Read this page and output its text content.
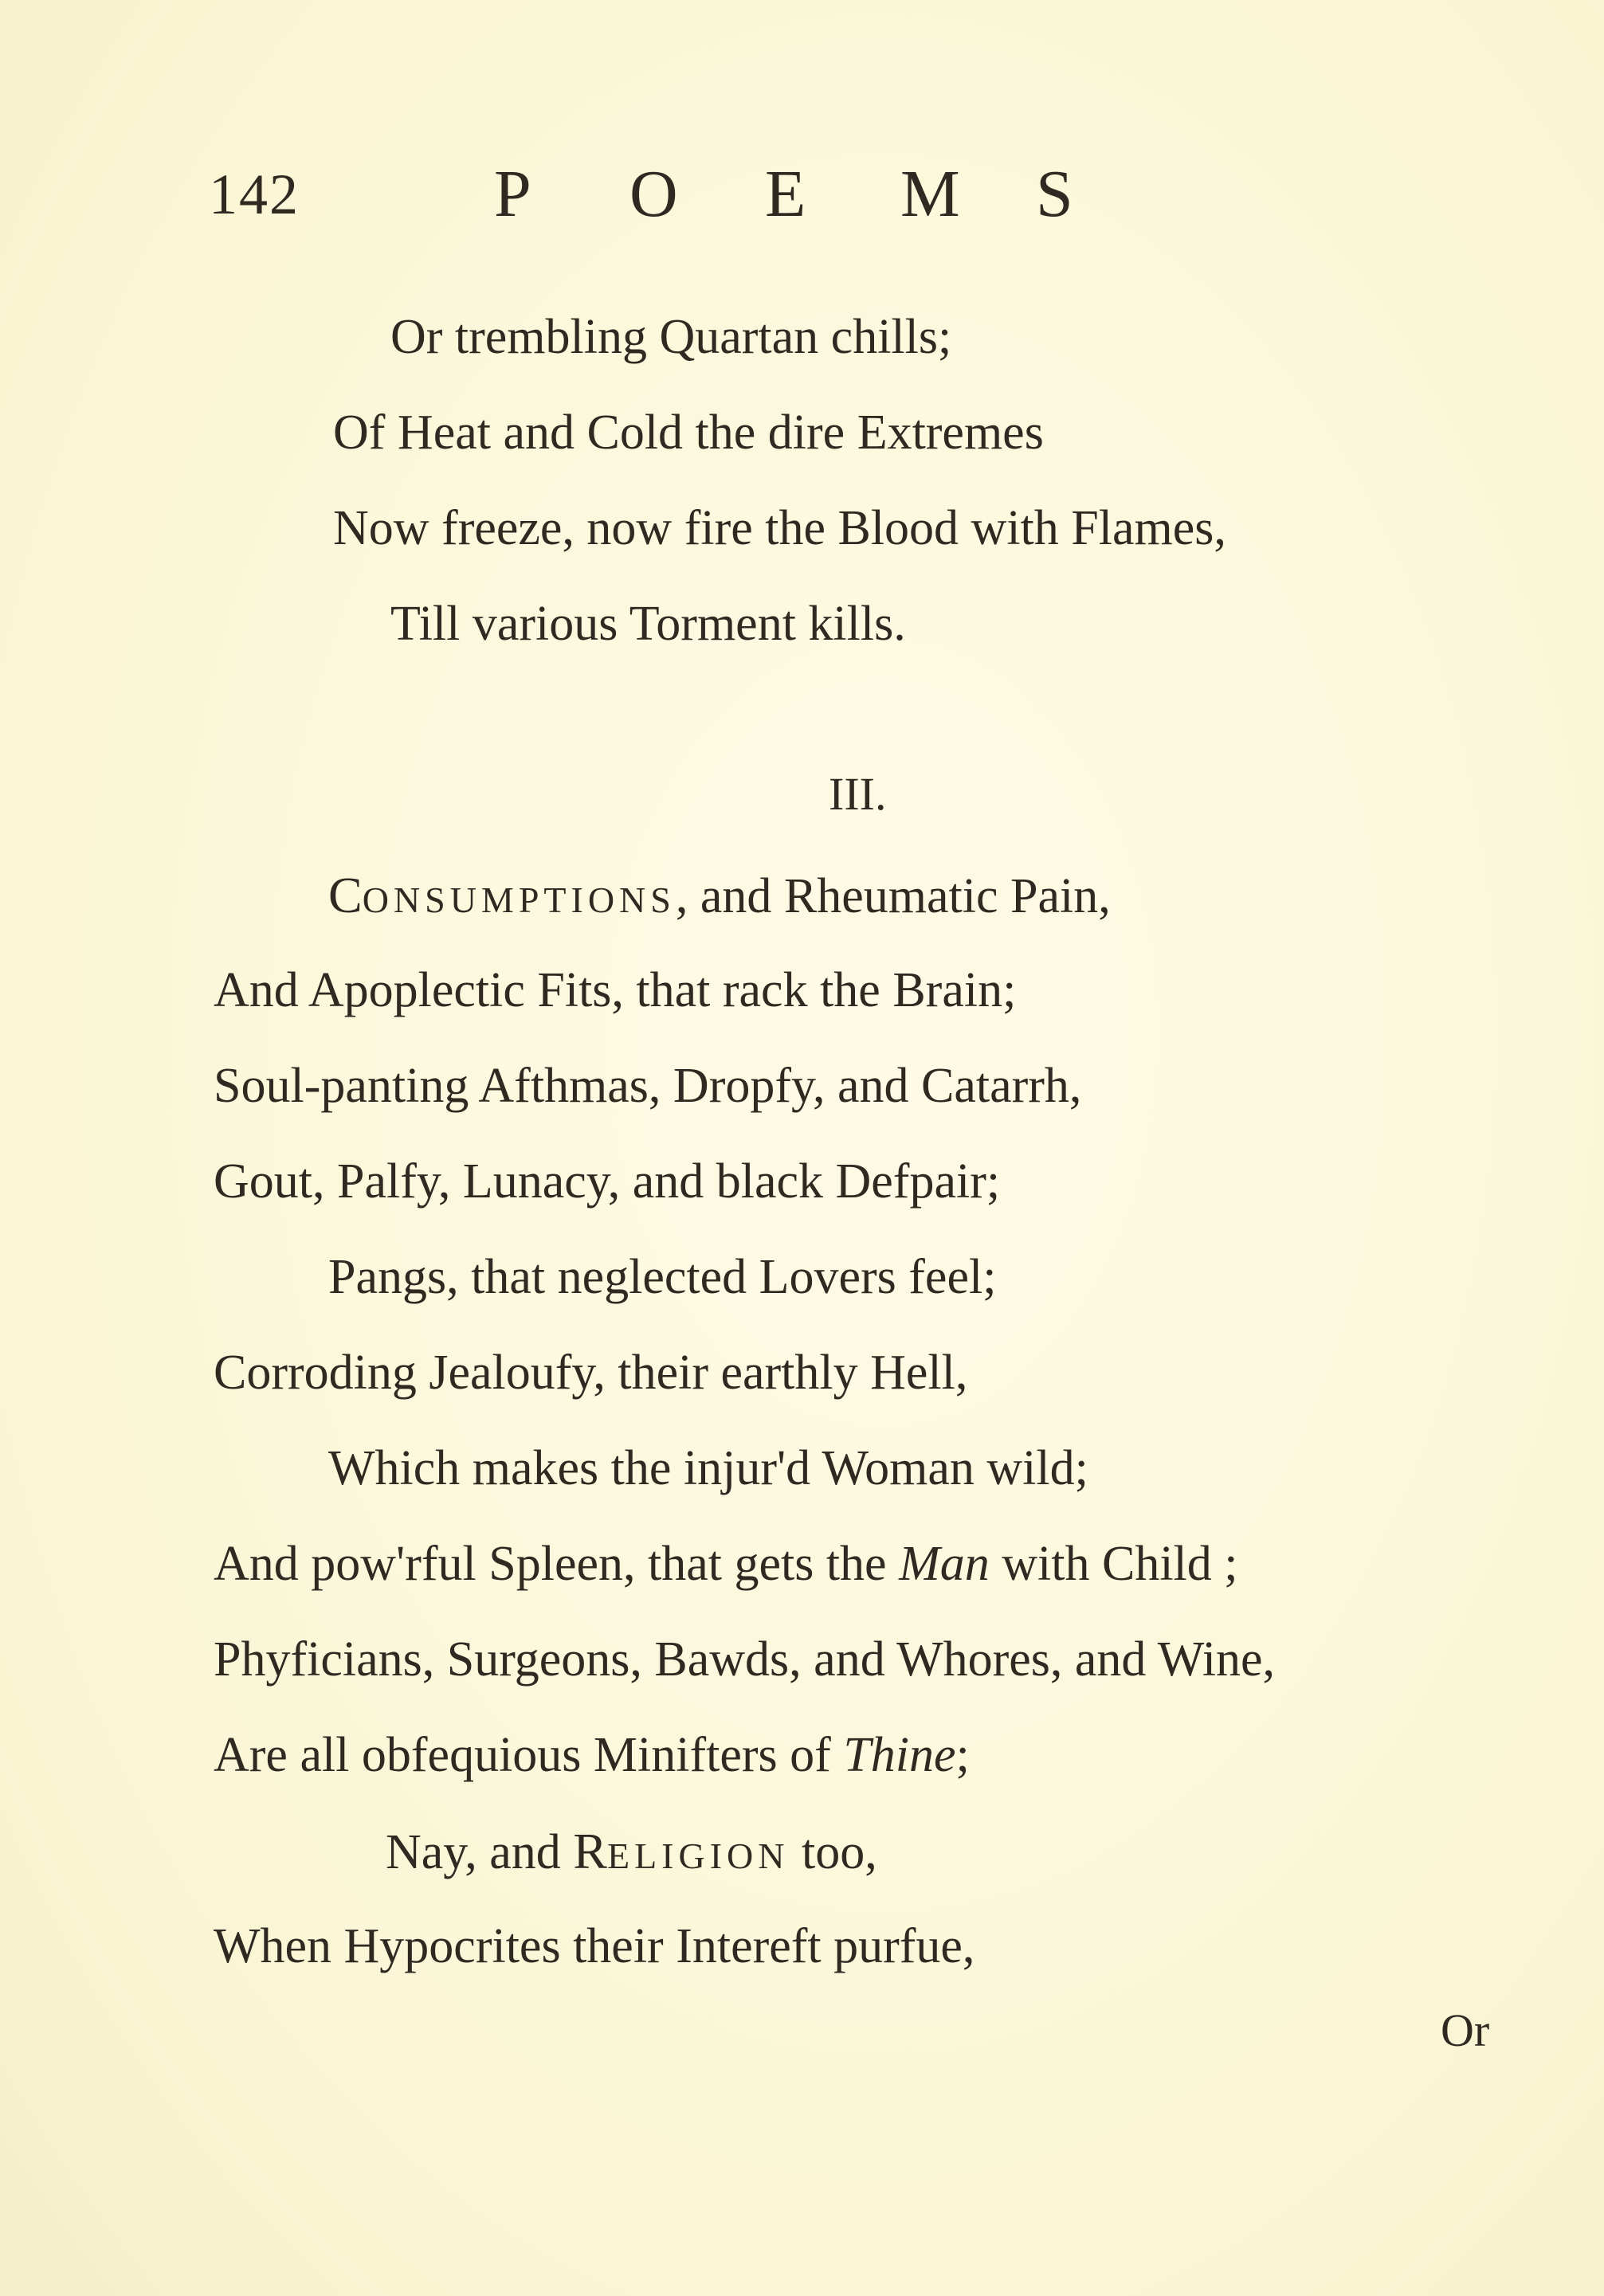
142	P O E M S
Or trembling Quartan chills;
Of Heat and Cold the dire Extremes
Now freeze, now fire the Blood with Flames,
Till various Torment kills.
III.
CONSUMPTIONS, and Rheumatic Pain,
And Apoplectic Fits, that rack the Brain;
Soul-panting Afthmas, Dropfy, and Catarrh,
Gout, Palfy, Lunacy, and black Defpair;
Pangs, that neglected Lovers feel;
Corroding Jealoufy, their earthly Hell,
Which makes the injur'd Woman wild;
And pow'rful Spleen, that gets the Man with Child ;
Phyficians, Surgeons, Bawds, and Whores, and Wine,
Are all obfequious Minifters of Thine;
Nay, and RELIGION too,
When Hypocrites their Intereft purfue,
Or
